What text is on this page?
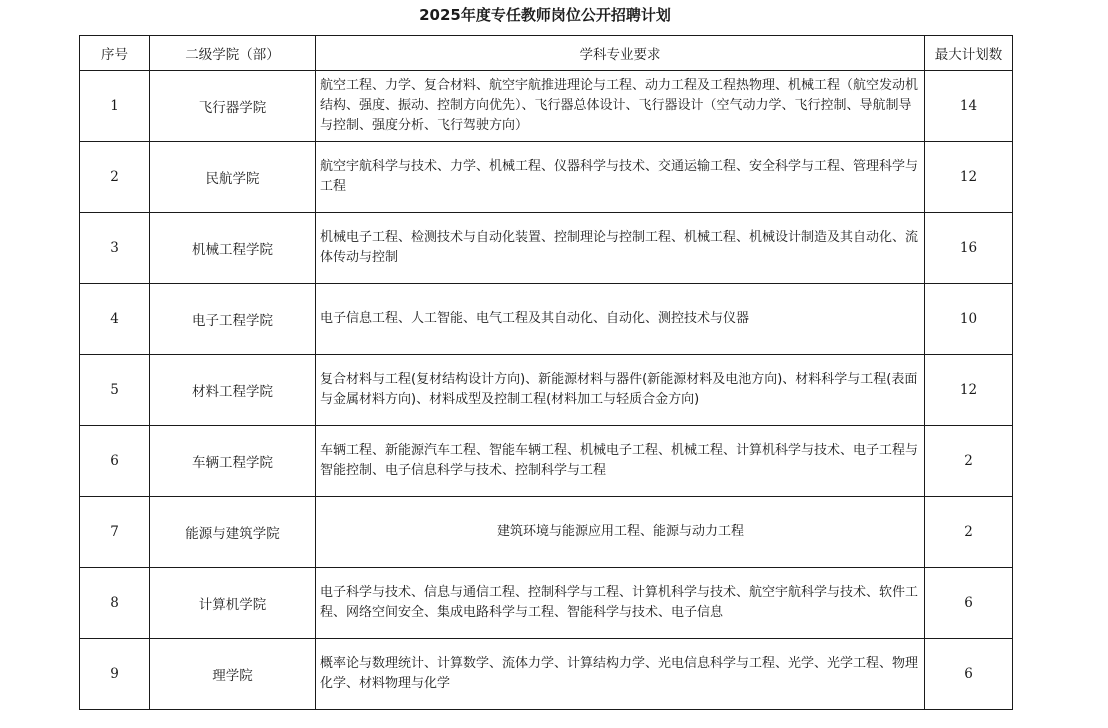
2025年度专任教师岗位公开招聘计划
序号	二级学院（部）	学科专业要求	最大计划数
1	飞行器学院	航空工程、力学、复合材料、航空宇航推进理论与工程、动力工程及工程热物理、机械工程（航空发动机结构、强度、振动、控制方向优先）、飞行器总体设计、飞行器设计（空气动力学、飞行控制、导航制导与控制、强度分析、飞行驾驶方向）	14
2	民航学院	航空宇航科学与技术、力学、机械工程、仪器科学与技术、交通运输工程、安全科学与工程、管理科学与工程	12
3	机械工程学院	机械电子工程、检测技术与自动化装置、控制理论与控制工程、机械工程、机械设计制造及其自动化、流体传动与控制	16
4	电子工程学院	电子信息工程、人工智能、电气工程及其自动化、自动化、测控技术与仪器	10
5	材料工程学院	复合材料与工程(复材结构设计方向)、新能源材料与器件(新能源材料及电池方向)、材料科学与工程(表面与金属材料方向)、材料成型及控制工程(材料加工与轻质合金方向)	12
6	车辆工程学院	车辆工程、新能源汽车工程、智能车辆工程、机械电子工程、机械工程、计算机科学与技术、电子工程与智能控制、电子信息科学与技术、控制科学与工程	2
7	能源与建筑学院	建筑环境与能源应用工程、能源与动力工程	2
8	计算机学院	电子科学与技术、信息与通信工程、控制科学与工程、计算机科学与技术、航空宇航科学与技术、软件工程、网络空间安全、集成电路科学与工程、智能科学与技术、电子信息	6
9	理学院	概率论与数理统计、计算数学、流体力学、计算结构力学、光电信息科学与工程、光学、光学工程、物理化学、材料物理与化学	6
